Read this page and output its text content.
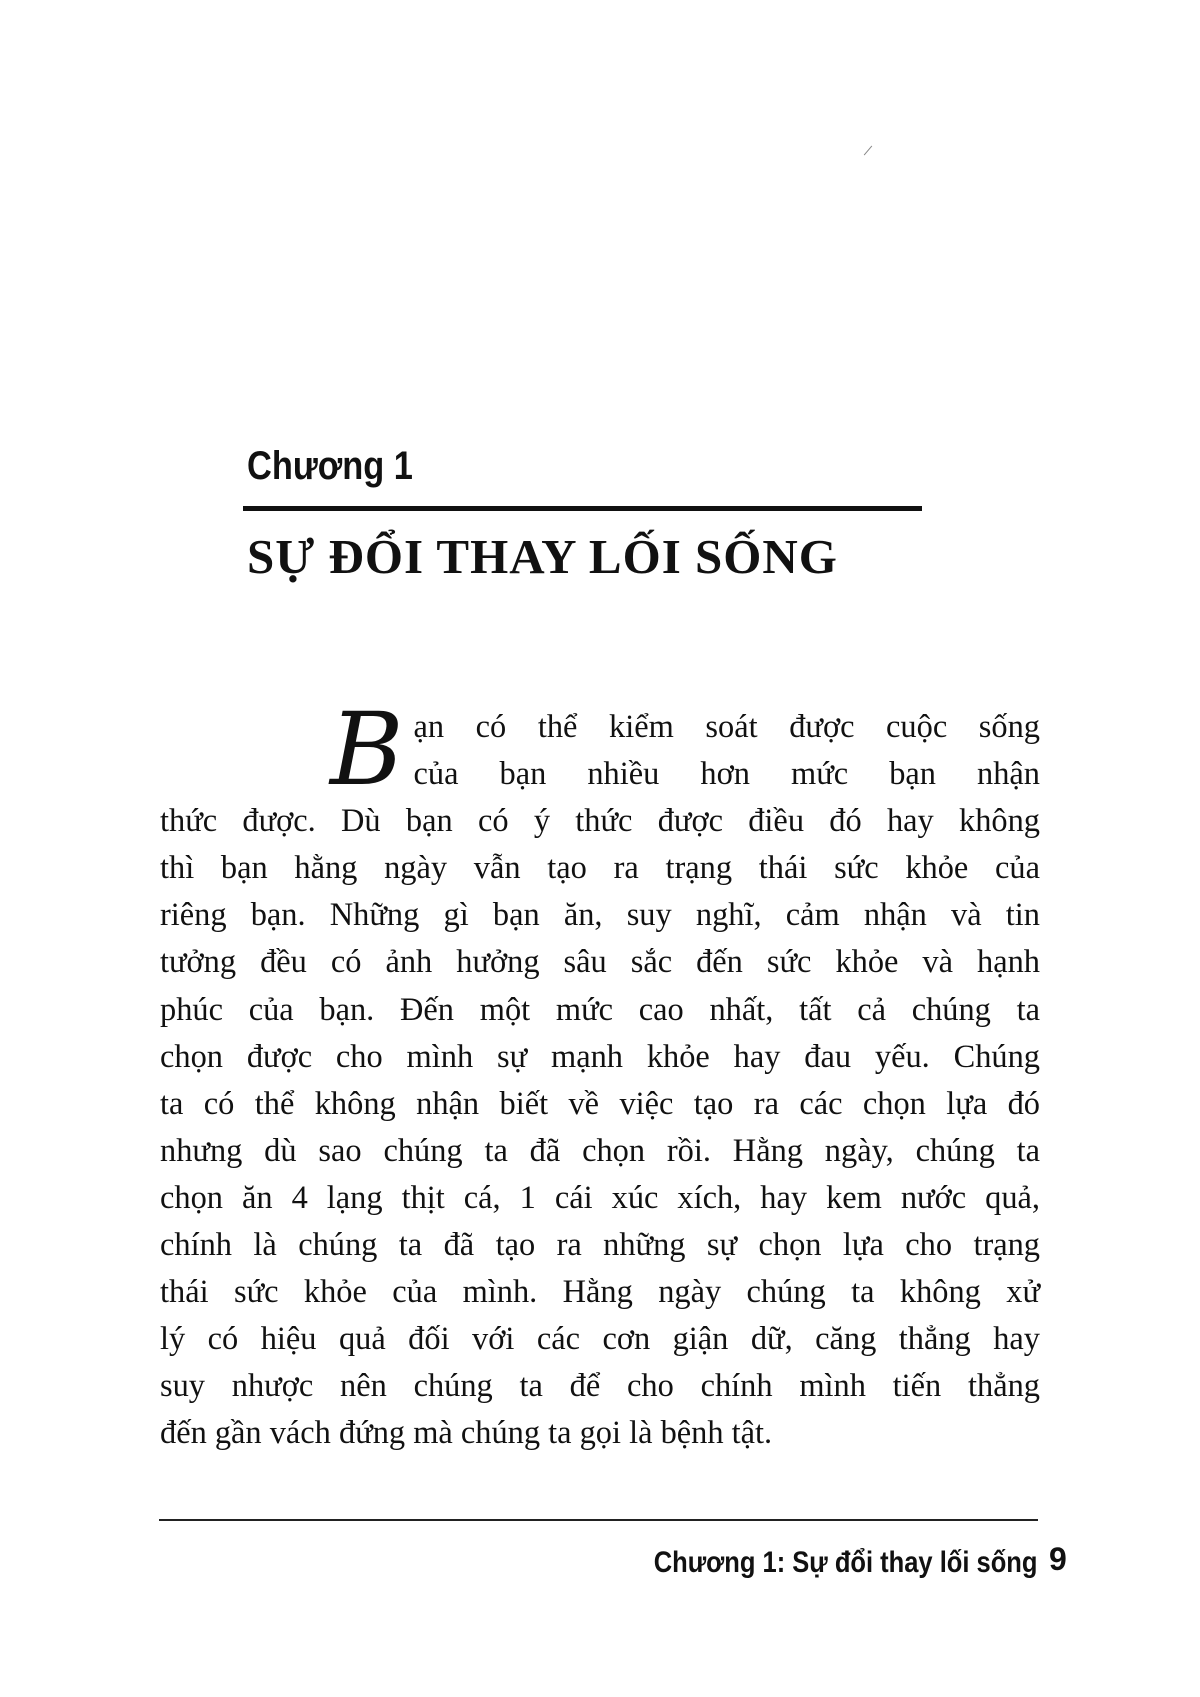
Chương 1
SỰ ĐỔI THAY LỐI SỐNG
B ạn có thể kiểm soát được cuộc sống
của bạn nhiều hơn mức bạn nhận
thức được. Dù bạn có ý thức được điều đó hay không
thì bạn hằng ngày vẫn tạo ra trạng thái sức khỏe của
riêng bạn. Những gì bạn ăn, suy nghĩ, cảm nhận và tin
tưởng đều có ảnh hưởng sâu sắc đến sức khỏe và hạnh
phúc của bạn. Đến một mức cao nhất, tất cả chúng ta
chọn được cho mình sự mạnh khỏe hay đau yếu. Chúng
ta có thể không nhận biết về việc tạo ra các chọn lựa đó
nhưng dù sao chúng ta đã chọn rồi. Hằng ngày, chúng ta
chọn ăn 4 lạng thịt cá, 1 cái xúc xích, hay kem nước quả,
chính là chúng ta đã tạo ra những sự chọn lựa cho trạng
thái sức khỏe của mình. Hằng ngày chúng ta không xử
lý có hiệu quả đối với các cơn giận dữ, căng thẳng hay
suy nhược nên chúng ta để cho chính mình tiến thẳng
đến gần vách đứng mà chúng ta gọi là bệnh tật.
Chương 1: Sự đổi thay lối sống 9
